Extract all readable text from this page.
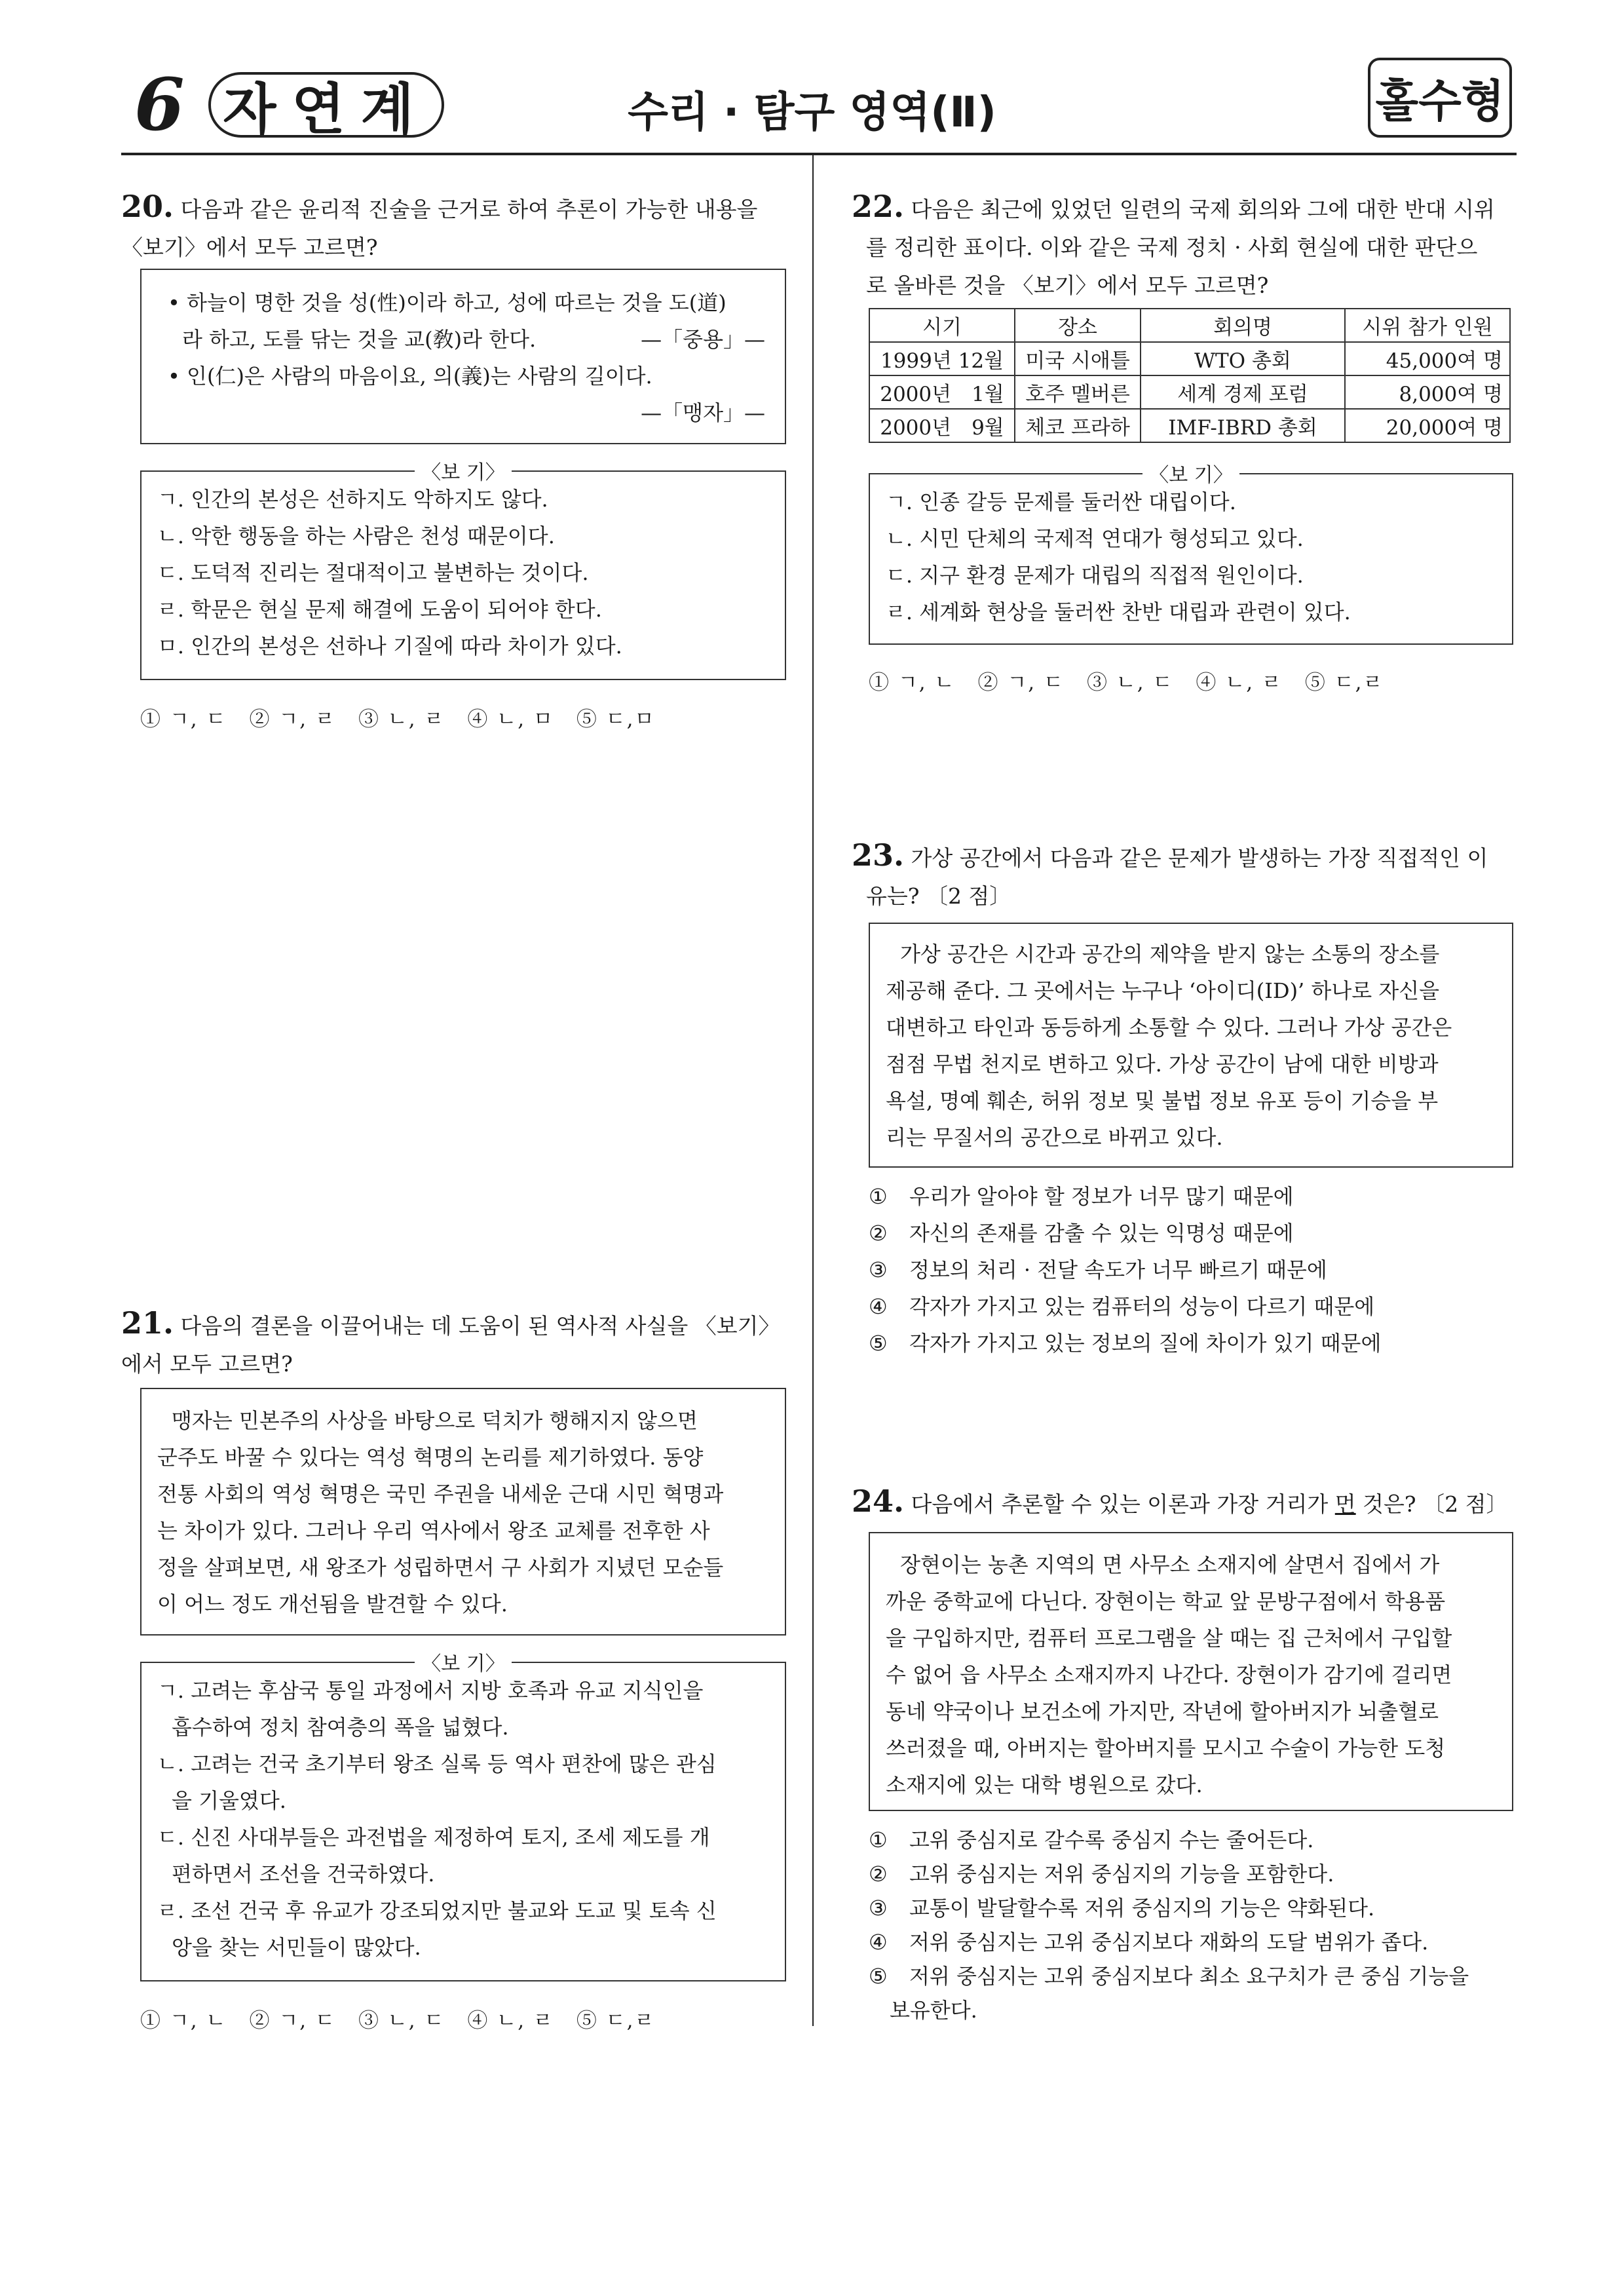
6 자연계	수리 · 탐구 영역(Ⅱ)	홀수형
20. 다음과 같은 윤리적 진술을 근거로 하여 추론이 가능한 내용을
〈보기〉에서 모두 고르면?
• 하늘이 명한 것을 성(性)이라 하고, 성에 따르는 것을 도(道)
라 하고, 도를 닦는 것을 교(敎)라 한다.	—「중용」—
• 인(仁)은 사람의 마음이요, 의(義)는 사람의 길이다.
—「맹자」—
〈보 기〉
ㄱ. 인간의 본성은 선하지도 악하지도 않다.
ㄴ. 악한 행동을 하는 사람은 천성 때문이다.
ㄷ. 도덕적 진리는 절대적이고 불변하는 것이다.
ㄹ. 학문은 현실 문제 해결에 도움이 되어야 한다.
ㅁ. 인간의 본성은 선하나 기질에 따라 차이가 있다.
① ㄱ, ㄷ ② ㄱ, ㄹ ③ ㄴ, ㄹ ④ ㄴ, ㅁ ⑤ ㄷ,ㅁ
21. 다음의 결론을 이끌어내는 데 도움이 된 역사적 사실을 〈보기〉
에서 모두 고르면?
맹자는 민본주의 사상을 바탕으로 덕치가 행해지지 않으면
군주도 바꿀 수 있다는 역성 혁명의 논리를 제기하였다. 동양
전통 사회의 역성 혁명은 국민 주권을 내세운 근대 시민 혁명과
는 차이가 있다. 그러나 우리 역사에서 왕조 교체를 전후한 사
정을 살펴보면, 새 왕조가 성립하면서 구 사회가 지녔던 모순들
이 어느 정도 개선됨을 발견할 수 있다.
〈보 기〉
ㄱ. 고려는 후삼국 통일 과정에서 지방 호족과 유교 지식인을
흡수하여 정치 참여층의 폭을 넓혔다.
ㄴ. 고려는 건국 초기부터 왕조 실록 등 역사 편찬에 많은 관심
을 기울였다.
ㄷ. 신진 사대부들은 과전법을 제정하여 토지, 조세 제도를 개
편하면서 조선을 건국하였다.
ㄹ. 조선 건국 후 유교가 강조되었지만 불교와 도교 및 토속 신
앙을 찾는 서민들이 많았다.
① ㄱ, ㄴ ② ㄱ, ㄷ ③ ㄴ, ㄷ ④ ㄴ, ㄹ ⑤ ㄷ,ㄹ
22. 다음은 최근에 있었던 일련의 국제 회의와 그에 대한 반대 시위
를 정리한 표이다. 이와 같은 국제 정치 · 사회 현실에 대한 판단으
로 올바른 것을 〈보기〉에서 모두 고르면?
시기	장소	회의명	시위 참가 인원
1999년 12월	미국 시애틀	WTO 총회	45,000여 명
2000년　1월	호주 멜버른	세계 경제 포럼	8,000여 명
2000년　9월	체코 프라하	IMF-IBRD 총회	20,000여 명
〈보 기〉
ㄱ. 인종 갈등 문제를 둘러싼 대립이다.
ㄴ. 시민 단체의 국제적 연대가 형성되고 있다.
ㄷ. 지구 환경 문제가 대립의 직접적 원인이다.
ㄹ. 세계화 현상을 둘러싼 찬반 대립과 관련이 있다.
① ㄱ, ㄴ ② ㄱ, ㄷ ③ ㄴ, ㄷ ④ ㄴ, ㄹ ⑤ ㄷ,ㄹ
23. 가상 공간에서 다음과 같은 문제가 발생하는 가장 직접적인 이
유는? 〔2 점〕
가상 공간은 시간과 공간의 제약을 받지 않는 소통의 장소를
제공해 준다. 그 곳에서는 누구나 ‘아이디(ID)’ 하나로 자신을
대변하고 타인과 동등하게 소통할 수 있다. 그러나 가상 공간은
점점 무법 천지로 변하고 있다. 가상 공간이 남에 대한 비방과
욕설, 명예 훼손, 허위 정보 및 불법 정보 유포 등이 기승을 부
리는 무질서의 공간으로 바뀌고 있다.
①	우리가 알아야 할 정보가 너무 많기 때문에
②	자신의 존재를 감출 수 있는 익명성 때문에
③	정보의 처리 · 전달 속도가 너무 빠르기 때문에
④	각자가 가지고 있는 컴퓨터의 성능이 다르기 때문에
⑤	각자가 가지고 있는 정보의 질에 차이가 있기 때문에
24. 다음에서 추론할 수 있는 이론과 가장 거리가 먼 것은? 〔2 점〕
장현이는 농촌 지역의 면 사무소 소재지에 살면서 집에서 가
까운 중학교에 다닌다. 장현이는 학교 앞 문방구점에서 학용품
을 구입하지만, 컴퓨터 프로그램을 살 때는 집 근처에서 구입할
수 없어 읍 사무소 소재지까지 나간다. 장현이가 감기에 걸리면
동네 약국이나 보건소에 가지만, 작년에 할아버지가 뇌출혈로
쓰러졌을 때, 아버지는 할아버지를 모시고 수술이 가능한 도청
소재지에 있는 대학 병원으로 갔다.
①	고위 중심지로 갈수록 중심지 수는 줄어든다.
②	고위 중심지는 저위 중심지의 기능을 포함한다.
③	교통이 발달할수록 저위 중심지의 기능은 약화된다.
④	저위 중심지는 고위 중심지보다 재화의 도달 범위가 좁다.
⑤	저위 중심지는 고위 중심지보다 최소 요구치가 큰 중심 기능을
보유한다.
